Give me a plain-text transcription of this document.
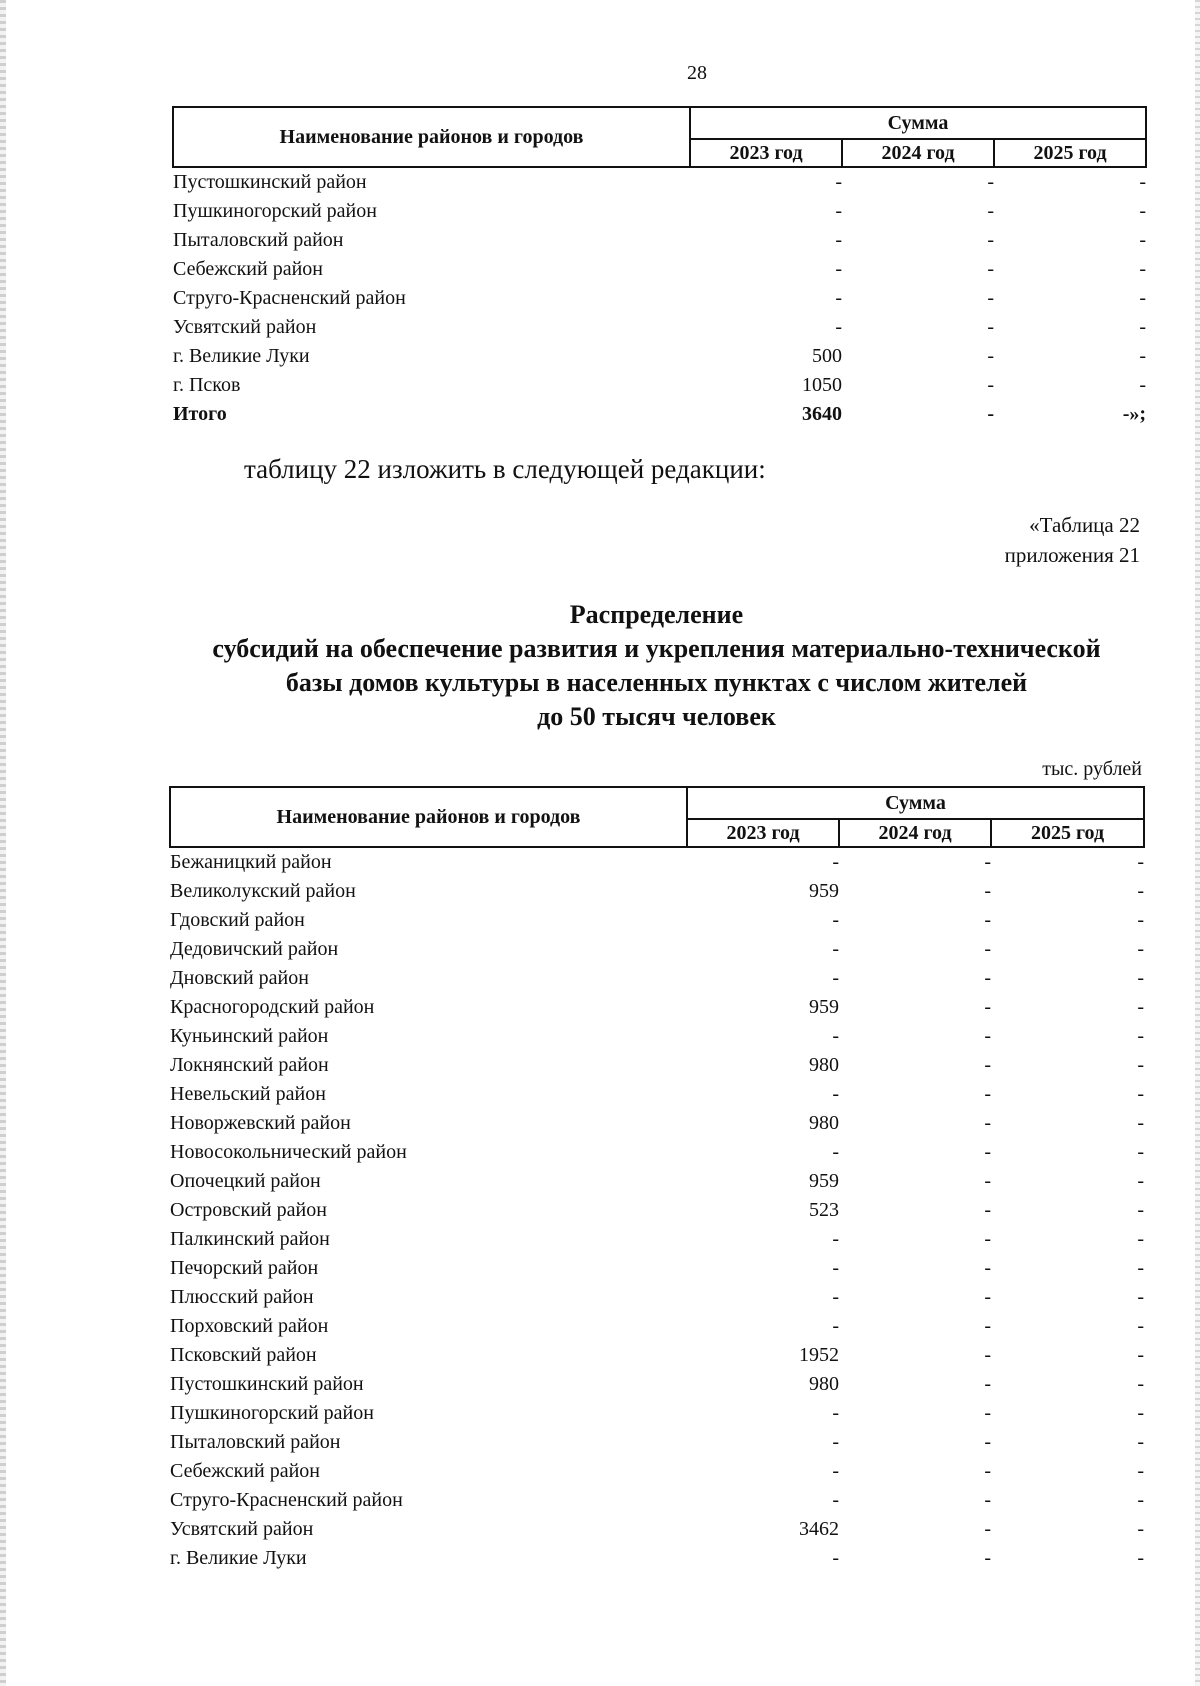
28
Наименование районов и городов	Сумма		
	2023 год	2024 год	2025 год
Пустошкинский район	-	-	-
Пушкиногорский район	-	-	-
Пыталовский район	-	-	-
Себежский район	-	-	-
Струго-Красненский район	-	-	-
Усвятский район	-	-	-
г. Великие Луки	500	-	-
г. Псков	1050	-	-
Итого	3640	-	-»;
таблицу 22 изложить в следующей редакции:
«Таблица 22
приложения 21
Распределение
субсидий на обеспечение развития и укрепления материально-технической
базы домов культуры в населенных пунктах с числом жителей
до 50 тысяч человек
тыс. рублей
Наименование районов и городов	Сумма		
	2023 год	2024 год	2025 год
Бежаницкий район	-	-	-
Великолукский район	959	-	-
Гдовский район	-	-	-
Дедовичский район	-	-	-
Дновский район	-	-	-
Красногородский район	959	-	-
Куньинский район	-	-	-
Локнянский район	980	-	-
Невельский район	-	-	-
Новоржевский район	980	-	-
Новосокольнический район	-	-	-
Опочецкий район	959	-	-
Островский район	523	-	-
Палкинский район	-	-	-
Печорский район	-	-	-
Плюсский район	-	-	-
Порховский район	-	-	-
Псковский район	1952	-	-
Пустошкинский район	980	-	-
Пушкиногорский район	-	-	-
Пыталовский район	-	-	-
Себежский район	-	-	-
Струго-Красненский район	-	-	-
Усвятский район	3462	-	-
г. Великие Луки	-	-	-
